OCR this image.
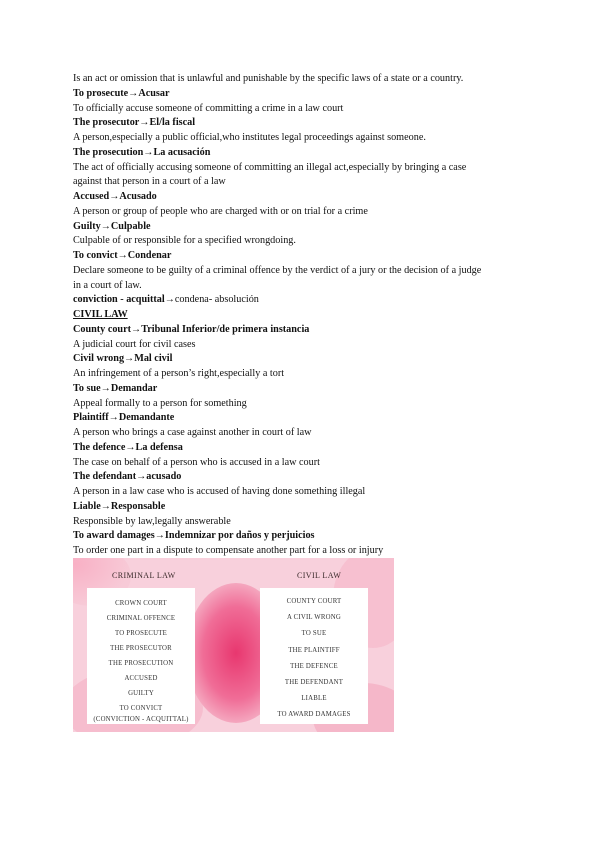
Is an act or omission that is unlawful and punishable by the specific laws of a state or a country.
To prosecute→Acusar
To officially accuse someone of committing a crime in a law court
The prosecutor→El/la fiscal
A person,especially a public official,who institutes legal proceedings against someone.
The prosecution→La acusación
The act of officially accusing someone of committing an illegal act,especially by bringing a case
against that person in a court of a law
Accused→Acusado
A person or group of people who are charged with or on trial for a crime
Guilty→Culpable
Culpable of or responsible for a specified wrongdoing.
To convict→Condenar
Declare someone to be guilty of a criminal offence by the verdict of a jury or the decision of a judge
in a court of law.
conviction - acquittal→condena- absolución
CIVIL LAW
County court→Tribunal Inferior/de primera instancia
A judicial court for civil cases
Civil wrong→Mal civil
An infringement of a person’s right,especially a tort
To sue→Demandar
Appeal formally to a person for something
Plaintiff→Demandante
A person who brings a case against another in court of law
The defence→La defensa
The case on behalf of a person who is accused in a law court
The defendant→acusado
A person in a law case who is accused of having done something illegal
Liable→Responsable
Responsible by law,legally answerable
To award damages→Indemnizar por daños y perjuicios
To order one part in a dispute to compensate another part for a loss or injury
CRIMINAL LAW	CIVIL LAW
CROWN COURT
CRIMINAL OFFENCE
TO PROSECUTE
THE PROSECUTOR
THE PROSECUTION
ACCUSED
GUILTY
TO CONVICT
(CONVICTION - ACQUITTAL)
COUNTY COURT
A CIVIL WRONG
TO SUE
THE PLAINTIFF
THE DEFENCE
THE DEFENDANT
LIABLE
TO AWARD DAMAGES
